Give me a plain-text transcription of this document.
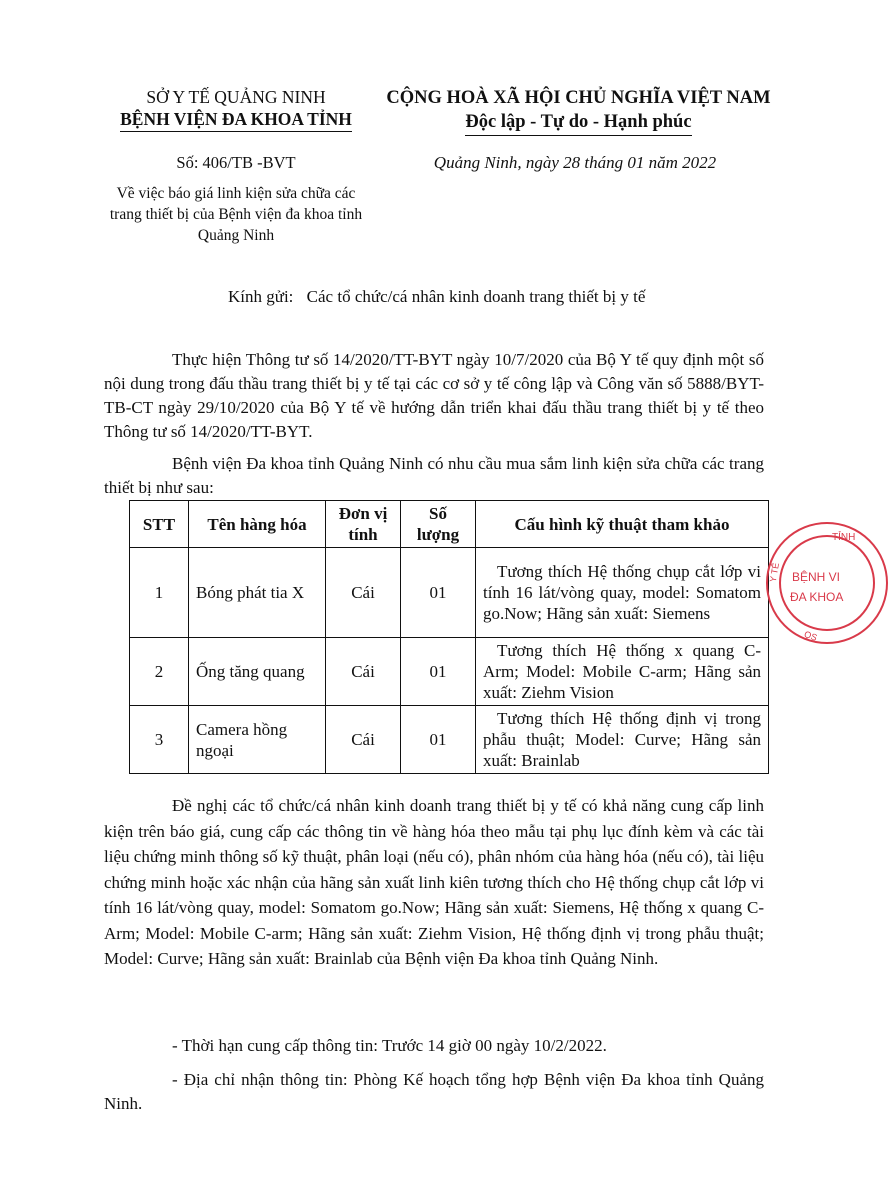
SỞ Y TẾ QUẢNG NINH
BỆNH VIỆN ĐA KHOA TỈNH
CỘNG HOÀ XÃ HỘI CHỦ NGHĨA VIỆT NAM
Độc lập - Tự do - Hạnh phúc
Số: 406/TB -BVT
Về việc báo giá linh kiện sửa chữa các trang thiết bị của Bệnh viện đa khoa tỉnh Quảng Ninh
Quảng Ninh, ngày 28 tháng 01 năm 2022
Kính gửi: Các tổ chức/cá nhân kinh doanh trang thiết bị y tế
Thực hiện Thông tư số 14/2020/TT-BYT ngày 10/7/2020 của Bộ Y tế quy định một số nội dung trong đấu thầu trang thiết bị y tế tại các cơ sở y tế công lập và Công văn số 5888/BYT-TB-CT ngày 29/10/2020 của Bộ Y tế về hướng dẫn triển khai đấu thầu trang thiết bị y tế theo Thông tư số 14/2020/TT-BYT.
Bệnh viện Đa khoa tỉnh Quảng Ninh có nhu cầu mua sắm linh kiện sửa chữa các trang thiết bị như sau:
STT	Tên hàng hóa	Đơn vị tính	Số lượng	Cấu hình kỹ thuật tham khảo
1	Bóng phát tia X	Cái	01	Tương thích Hệ thống chụp cắt lớp vi tính 16 lát/vòng quay, model: Somatom go.Now; Hãng sản xuất: Siemens
2	Ống tăng quang	Cái	01	Tương thích Hệ thống x quang C-Arm; Model: Mobile C-arm; Hãng sản xuất: Ziehm Vision
3	Camera hồng ngoại	Cái	01	Tương thích Hệ thống định vị trong phẫu thuật; Model: Curve; Hãng sản xuất: Brainlab
Đề nghị các tổ chức/cá nhân kinh doanh trang thiết bị y tế có khả năng cung cấp linh kiện trên báo giá, cung cấp các thông tin về hàng hóa theo mẫu tại phụ lục đính kèm và các tài liệu chứng minh thông số kỹ thuật, phân loại (nếu có), phân nhóm của hàng hóa (nếu có), tài liệu chứng minh hoặc xác nhận của hãng sản xuất linh kiên tương thích cho Hệ thống chụp cắt lớp vi tính 16 lát/vòng quay, model: Somatom go.Now; Hãng sản xuất: Siemens, Hệ thống x quang C-Arm; Model: Mobile C-arm; Hãng sản xuất: Ziehm Vision, Hệ thống định vị trong phẫu thuật; Model: Curve; Hãng sản xuất: Brainlab của Bệnh viện Đa khoa tỉnh Quảng Ninh.
- Thời hạn cung cấp thông tin: Trước 14 giờ 00 ngày 10/2/2022.
- Địa chỉ nhận thông tin: Phòng Kế hoạch tổng hợp Bệnh viện Đa khoa tỉnh Quảng Ninh.
TỈNH
BỆNH VI
ĐA KHOA
Y TẾ
QS
